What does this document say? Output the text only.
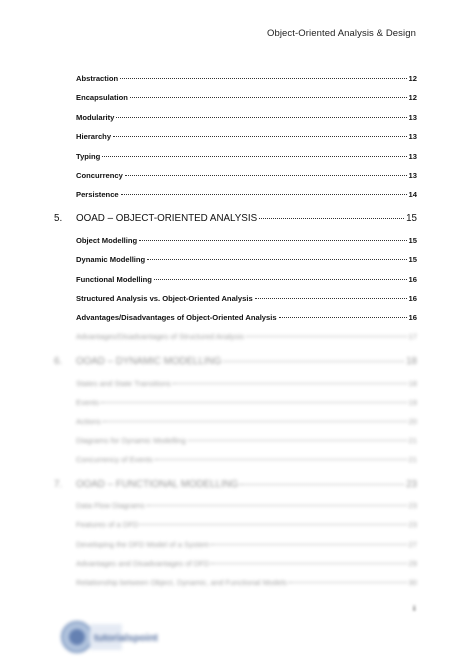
Object-Oriented Analysis & Design
Abstraction	12
Encapsulation	12
Modularity	13
Hierarchy	13
Typing	13
Concurrency	13
Persistence	14
5.	OOAD – OBJECT-ORIENTED ANALYSIS	15
Object Modelling	15
Dynamic Modelling	15
Functional Modelling	16
Structured Analysis vs. Object-Oriented Analysis	16
Advantages/Disadvantages of Object-Oriented Analysis	16
Advantages/Disadvantages of Structured Analysis	17
6.	OOAD – DYNAMIC MODELLING	18
States and State Transitions	18
Events	19
Actions	20
Diagrams for Dynamic Modelling	21
Concurrency of Events	21
7.	OOAD – FUNCTIONAL MODELLING	23
Data Flow Diagrams	23
Features of a DFD	23
Developing the DFD Model of a System	27
Advantages and Disadvantages of DFD	29
Relationship between Object, Dynamic, and Functional Models	30
ii
tutorialspoint
